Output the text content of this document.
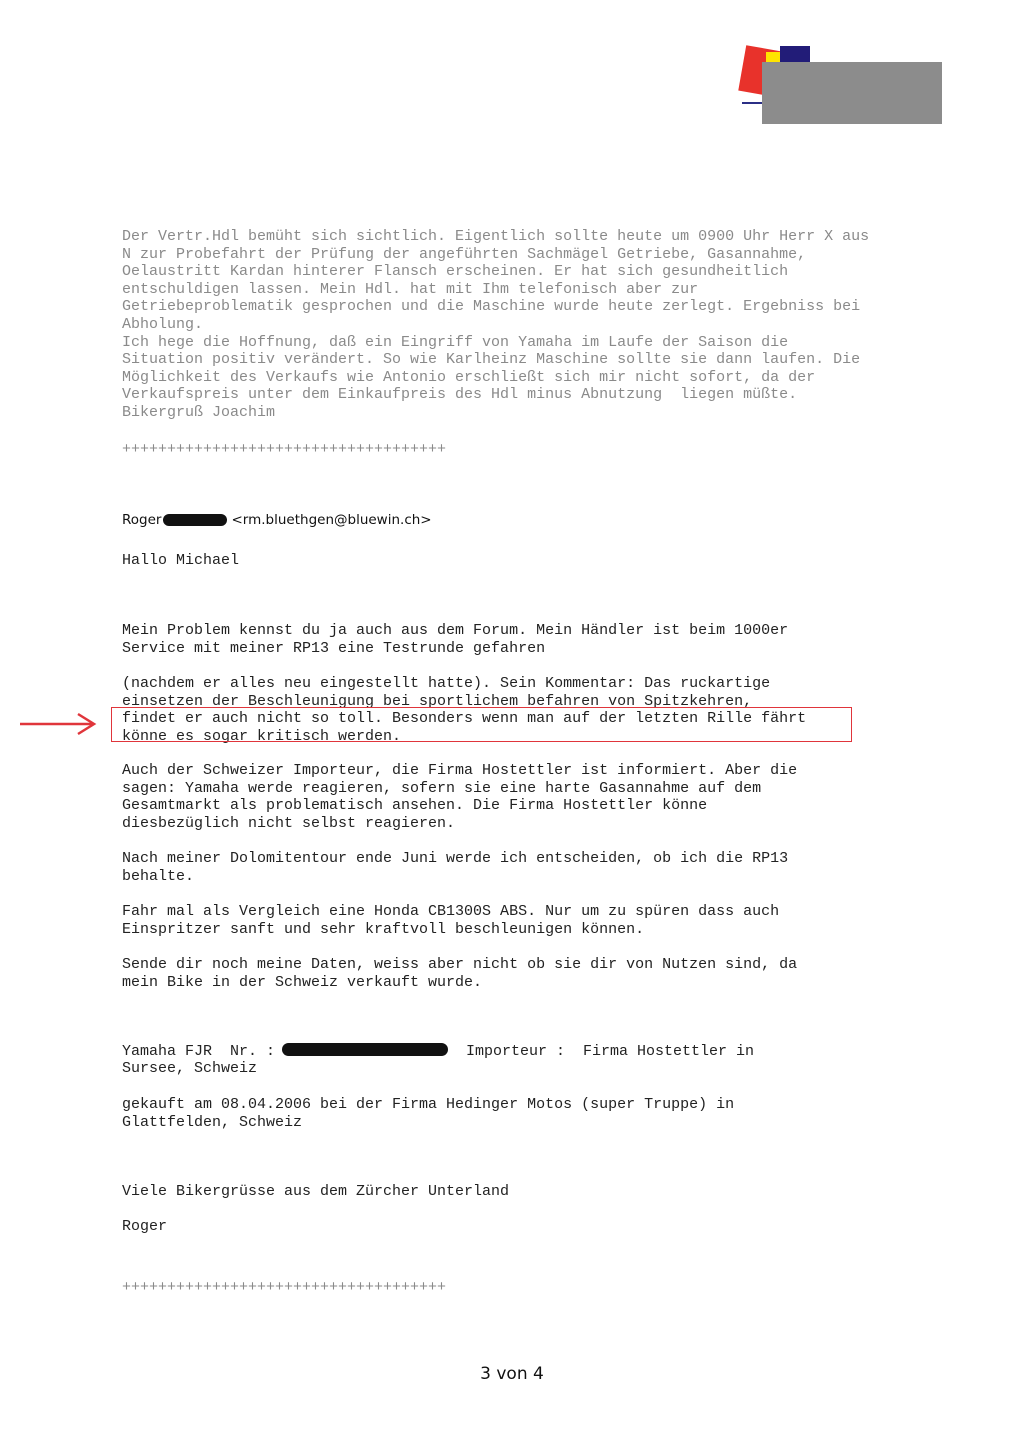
Der Vertr.Hdl bemüht sich sichtlich. Eigentlich sollte heute um 0900 Uhr Herr X aus
N zur Probefahrt der Prüfung der angeführten Sachmägel Getriebe, Gasannahme,
Oelaustritt Kardan hinterer Flansch erscheinen. Er hat sich gesundheitlich
entschuldigen lassen. Mein Hdl. hat mit Ihm telefonisch aber zur
Getriebeproblematik gesprochen und die Maschine wurde heute zerlegt. Ergebniss bei
Abholung.
Ich hege die Hoffnung, daß ein Eingriff von Yamaha im Laufe der Saison die
Situation positiv verändert. So wie Karlheinz Maschine sollte sie dann laufen. Die
Möglichkeit des Verkaufs wie Antonio erschließt sich mir nicht sofort, da der
Verkaufspreis unter dem Einkaufpreis des Hdl minus Abnutzung  liegen müßte.
Bikergruß Joachim

++++++++++++++++++++++++++++++++++++

Roger	<rm.bluethgen@bluewin.ch>

Hallo Michael

Mein Problem kennst du ja auch aus dem Forum. Mein Händler ist beim 1000er
Service mit meiner RP13 eine Testrunde gefahren

(nachdem er alles neu eingestellt hatte). Sein Kommentar: Das ruckartige
einsetzen der Beschleunigung bei sportlichem befahren von Spitzkehren,

findet er auch nicht so toll. Besonders wenn man auf der letzten Rille fährt
könne es sogar kritisch werden.

Auch der Schweizer Importeur, die Firma Hostettler ist informiert. Aber die
sagen: Yamaha werde reagieren, sofern sie eine harte Gasannahme auf dem
Gesamtmarkt als problematisch ansehen. Die Firma Hostettler könne
diesbezüglich nicht selbst reagieren.

Nach meiner Dolomitentour ende Juni werde ich entscheiden, ob ich die RP13
behalte.

Fahr mal als Vergleich eine Honda CB1300S ABS. Nur um zu spüren dass auch
Einspritzer sanft und sehr kraftvoll beschleunigen können.

Sende dir noch meine Daten, weiss aber nicht ob sie dir von Nutzen sind, da
mein Bike in der Schweiz verkauft wurde.

Yamaha FJR  Nr. :	Importeur :  Firma Hostettler in

Sursee, Schweiz

gekauft am 08.04.2006 bei der Firma Hedinger Motos (super Truppe) in
Glattfelden, Schweiz

Viele Bikergrüsse aus dem Zürcher Unterland

Roger

++++++++++++++++++++++++++++++++++++

3 von 4
